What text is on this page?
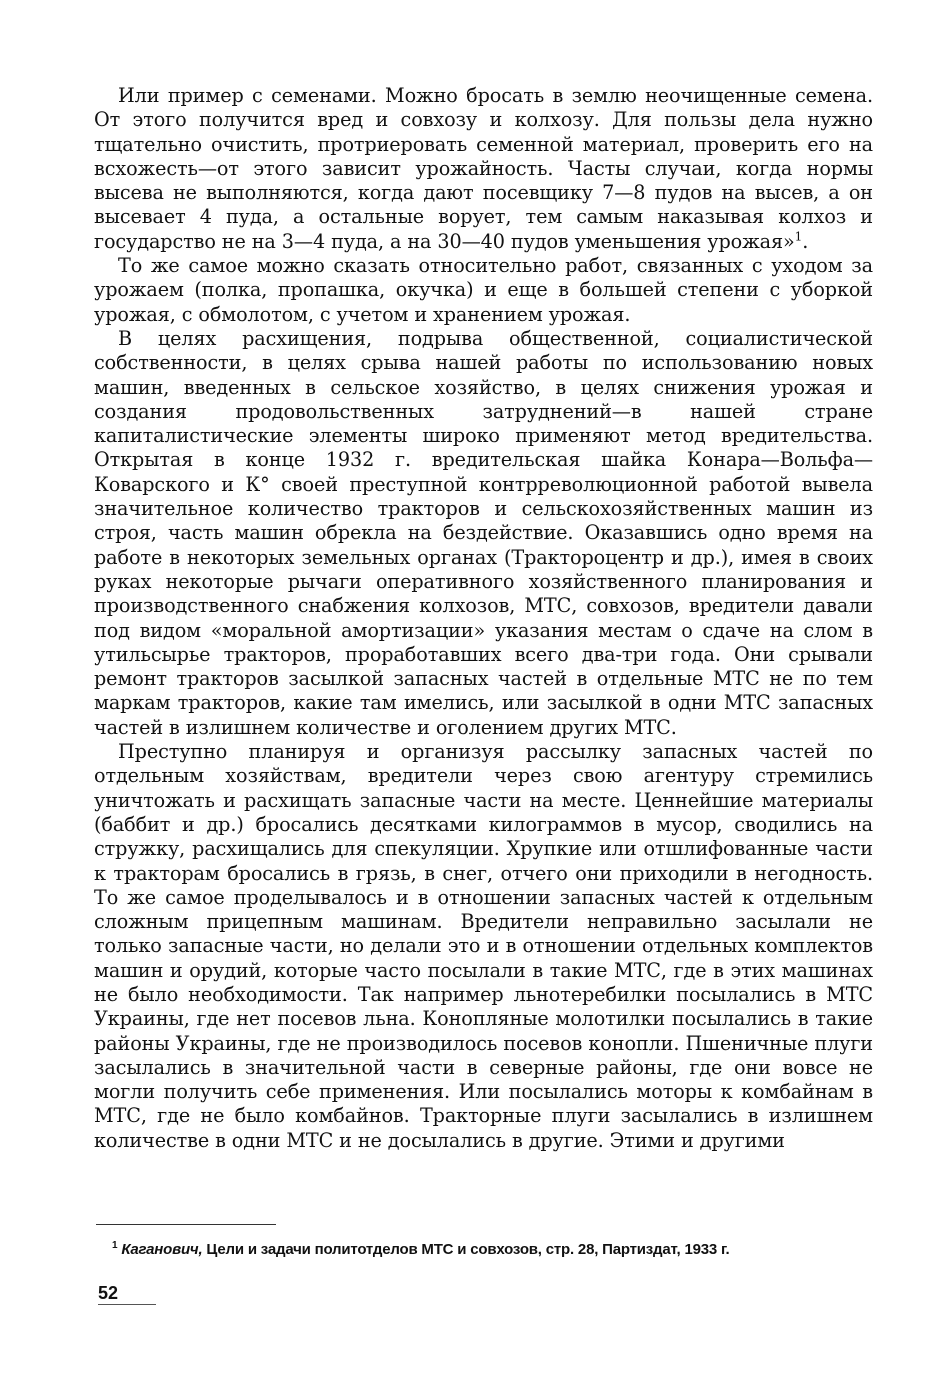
Или пример с семенами. Можно бросать в землю неочищенные семена. От этого получится вред и совхозу и колхозу. Для пользы дела нужно тщательно очистить, протриеровать семенной материал, проверить его на всхожесть—от этого зависит урожайность. Часты случаи, когда нормы высева не выполняются, когда дают посевщику 7—8 пудов на высев, а он высевает 4 пуда, а остальные ворует, тем самым наказывая колхоз и государство не на 3—4 пуда, а на 30—40 пудов уменьшения урожая»$^1$.

То же самое можно сказать относительно работ, связанных с уходом за урожаем (полка, пропашка, окучка) и еще в большей степени с уборкой урожая, с обмолотом, с учетом и хранением урожая.

В целях расхищения, подрыва общественной, социалистической собственности, в целях срыва нашей работы по использованию новых машин, введенных в сельское хозяйство, в целях снижения урожая и создания продовольственных затруднений—в нашей стране капиталистические элементы широко применяют метод вредительства. Открытая в конце 1932 г. вредительская шайка Конара—Вольфа—Коварского и К° своей преступной контрреволюционной работой вывела значительное количество тракторов и сельскохозяйственных машин из строя, часть машин обрекла на бездействие. Оказавшись одно время на работе в некоторых земельных органах (Трактороцентр и др.), имея в своих руках некоторые рычаги оперативного хозяйственного планирования и производственного снабжения колхозов, МТС, совхозов, вредители давали под видом «моральной амортизации» указания местам о сдаче на слом в утильсырье тракторов, проработавших всего два-три года. Они срывали ремонт тракторов засылкой запасных частей в отдельные МТС не по тем маркам тракторов, какие там имелись, или засылкой в одни МТС запасных частей в излишнем количестве и оголением других МТС.

Преступно планируя и организуя рассылку запасных частей по отдельным хозяйствам, вредители через свою агентуру стремились уничтожать и расхищать запасные части на месте. Ценнейшие материалы (баббит и др.) бросались десятками килограммов в мусор, сводились на стружку, расхищались для спекуляции. Хрупкие или отшлифованные части к тракторам бросались в грязь, в снег, отчего они приходили в негодность. То же самое проделывалось и в отношении запасных частей к отдельным сложным прицепным машинам. Вредители неправильно засылали не только запасные части, но делали это и в отношении отдельных комплектов машин и орудий, которые часто посылали в такие МТС, где в этих машинах не было необходимости. Так например льнотеребилки посылались в МТС Украины, где нет посевов льна. Конопляные молотилки посылались в такие районы Украины, где не производилось посевов конопли. Пшеничные плуги засылались в значительной части в северные районы, где они вовсе не могли получить себе применения. Или посылались моторы к комбайнам в МТС, где не было комбайнов. Тракторные плуги засылались в излишнем количестве в одни МТС и не досылались в другие. Этими и другими

$^1$ Каганович, Цели и задачи политотделов МТС и совхозов, стр. 28, Партиздат, 1933 г.
52
